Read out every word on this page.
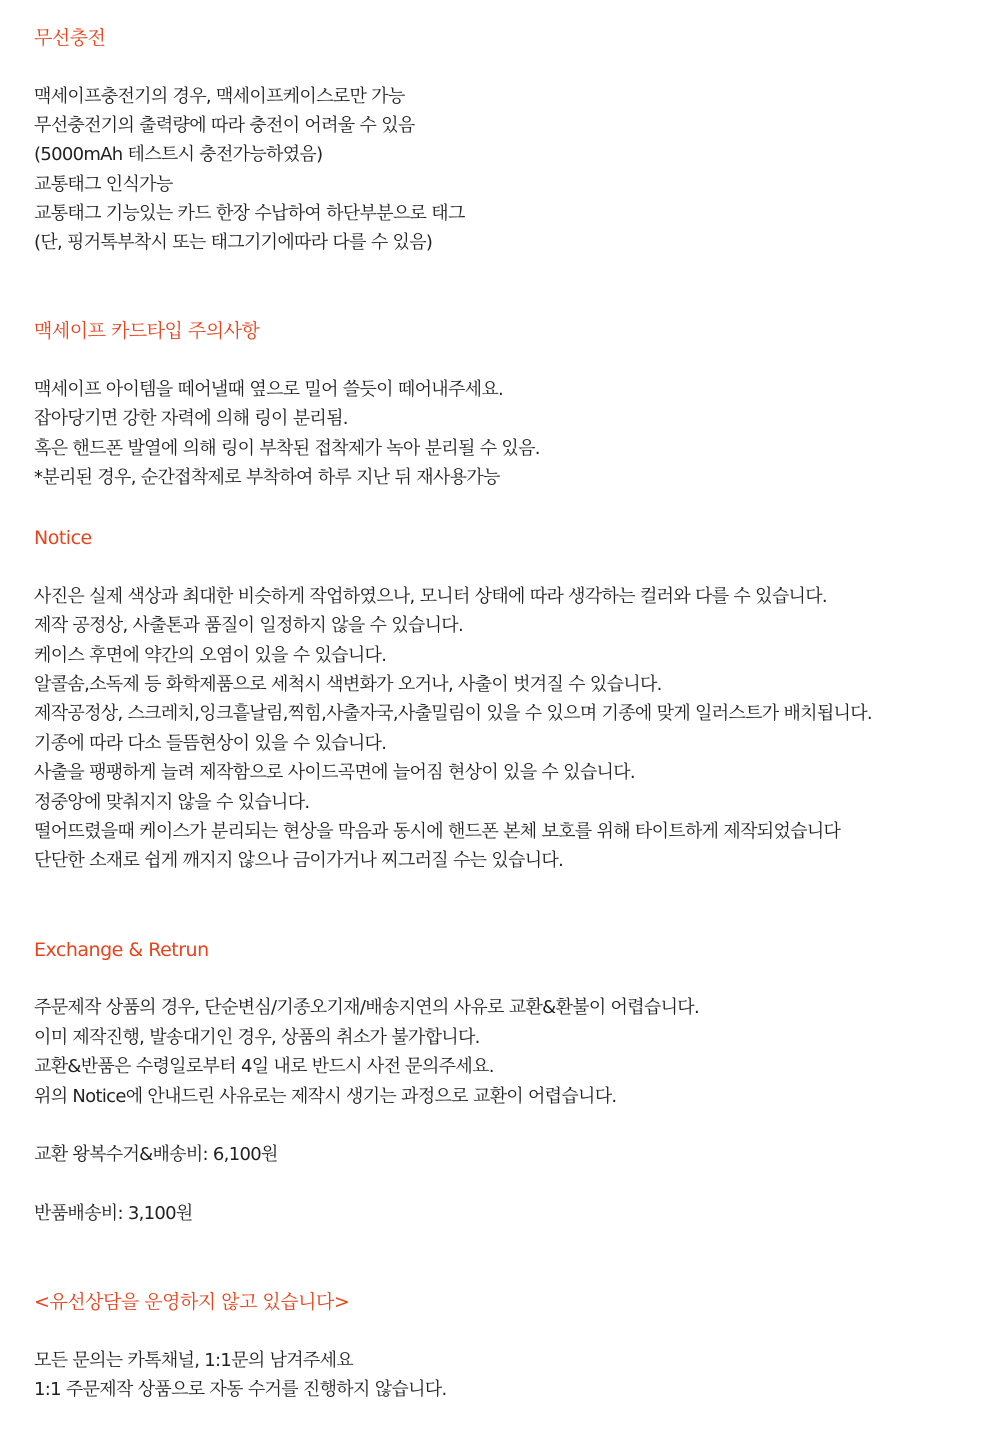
무선충전
맥세이프충전기의 경우, 맥세이프케이스로만 가능
무선충전기의 출력량에 따라 충전이 어려울 수 있음
(5000mAh 테스트시 충전가능하였음)
교통태그 인식가능
교통태그 기능있는 카드 한장 수납하여 하단부분으로 태그
(단, 핑거톡부착시 또는 태그기기에따라 다를 수 있음)
맥세이프 카드타입 주의사항
맥세이프 아이템을 떼어낼때 옆으로 밀어 쓸듯이 떼어내주세요.
잡아당기면 강한 자력에 의해 링이 분리됨.
혹은 핸드폰 발열에 의해 링이 부착된 접착제가 녹아 분리될 수 있음.
*분리된 경우, 순간접착제로 부착하여 하루 지난 뒤 재사용가능
Notice
사진은 실제 색상과 최대한 비슷하게 작업하였으나, 모니터 상태에 따라 생각하는 컬러와 다를 수 있습니다.
제작 공정상, 사출톤과 품질이 일정하지 않을 수 있습니다.
케이스 후면에 약간의 오염이 있을 수 있습니다.
알콜솜,소독제 등 화학제품으로 세척시 색변화가 오거나, 사출이 벗겨질 수 있습니다.
제작공정상, 스크레치,잉크흩날림,찍힘,사출자국,사출밀림이 있을 수 있으며 기종에 맞게 일러스트가 배치됩니다.
기종에 따라 다소 들뜸현상이 있을 수 있습니다.
사출을 팽팽하게 늘려 제작함으로 사이드곡면에 늘어짐 현상이 있을 수 있습니다.
정중앙에 맞춰지지 않을 수 있습니다.
떨어뜨렸을때 케이스가 분리되는 현상을 막음과 동시에 핸드폰 본체 보호를 위해 타이트하게 제작되었습니다
단단한 소재로 쉽게 깨지지 않으나 금이가거나 찌그러질 수는 있습니다.
Exchange & Retrun
주문제작 상품의 경우, 단순변심/기종오기재/배송지연의 사유로 교환&환불이 어렵습니다.
이미 제작진행, 발송대기인 경우, 상품의 취소가 불가합니다.
교환&반품은 수령일로부터 4일 내로 반드시 사전 문의주세요.
위의 Notice에 안내드린 사유로는 제작시 생기는 과정으로 교환이 어렵습니다.
교환 왕복수거&배송비: 6,100원
반품배송비: 3,100원
<유선상담을 운영하지 않고 있습니다>
모든 문의는 카톡채널, 1:1문의 남겨주세요
1:1 주문제작 상품으로 자동 수거를 진행하지 않습니다.
